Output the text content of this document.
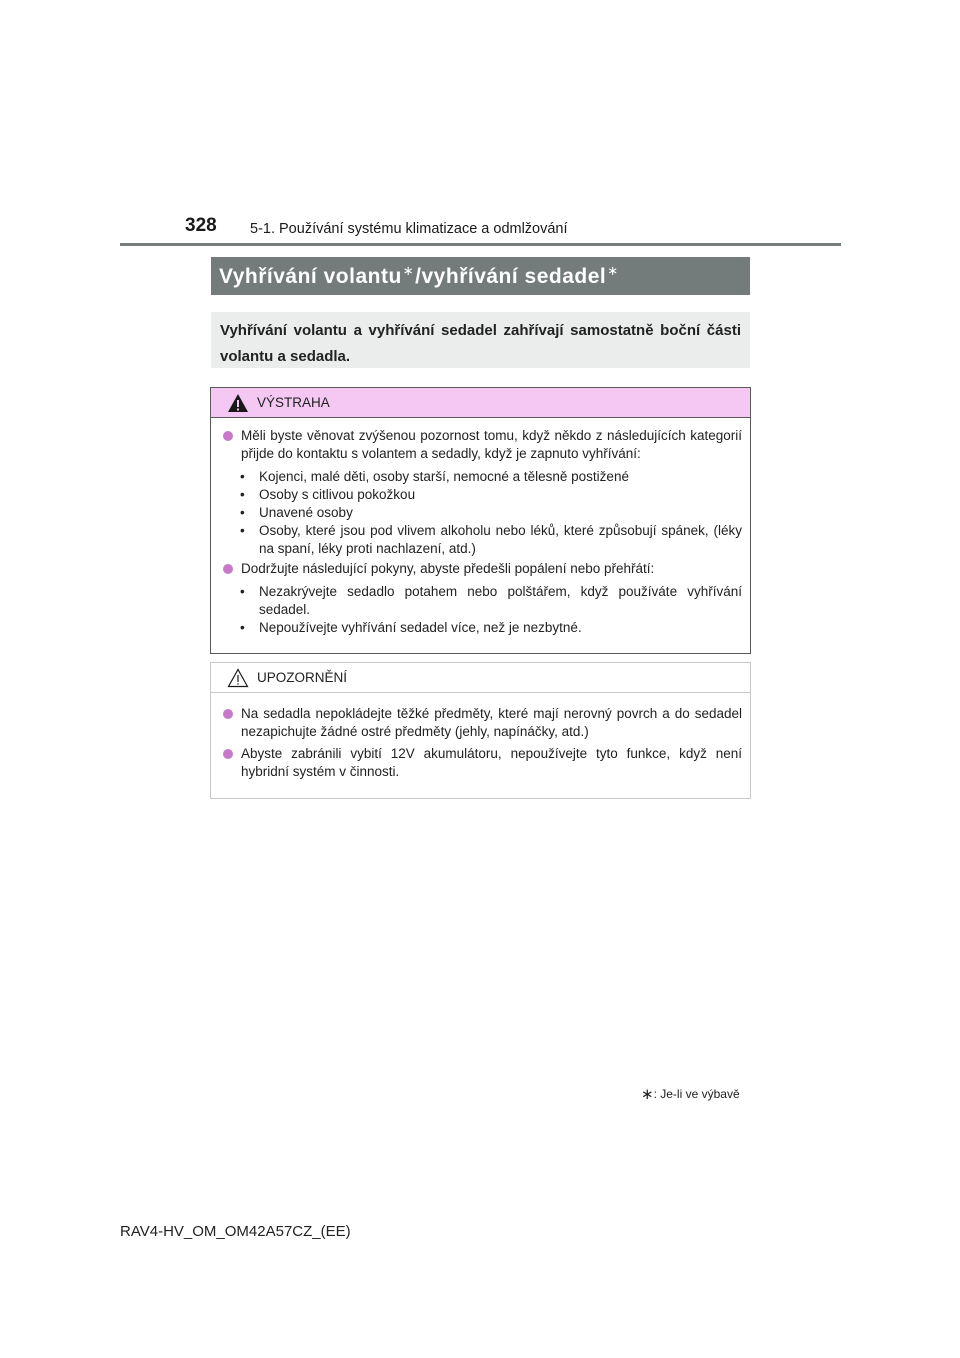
328 5-1. Používání systému klimatizace a odmlžování
Vyhřívání volantu∗/vyhřívání sedadel∗
Vyhřívání volantu a vyhřívání sedadel zahřívají samostatně boční části volantu a sedadla.
VÝSTRAHA
Měli byste věnovat zvýšenou pozornost tomu, když někdo z následujících kategorií přijde do kontaktu s volantem a sedadly, když je zapnuto vyhřívání:
• Kojenci, malé děti, osoby starší, nemocné a tělesně postižené
• Osoby s citlivou pokožkou
• Unavené osoby
• Osoby, které jsou pod vlivem alkoholu nebo léků, které způsobují spánek, (léky na spaní, léky proti nachlazení, atd.)
Dodržujte následující pokyny, abyste předešli popálení nebo přehřátí:
• Nezakrývejte sedadlo potahem nebo polštářem, když používáte vyhřívání sedadel.
• Nepoužívejte vyhřívání sedadel více, než je nezbytné.
UPOZORNĚNÍ
Na sedadla nepokládejte těžké předměty, které mají nerovný povrch a do sedadel nezapichujte žádné ostré předměty (jehly, napínáčky, atd.)
Abyste zabránili vybití 12V akumulátoru, nepoužívejte tyto funkce, když není hybridní systém v činnosti.
∗: Je-li ve výbavě
RAV4-HV_OM_OM42A57CZ_(EE)
